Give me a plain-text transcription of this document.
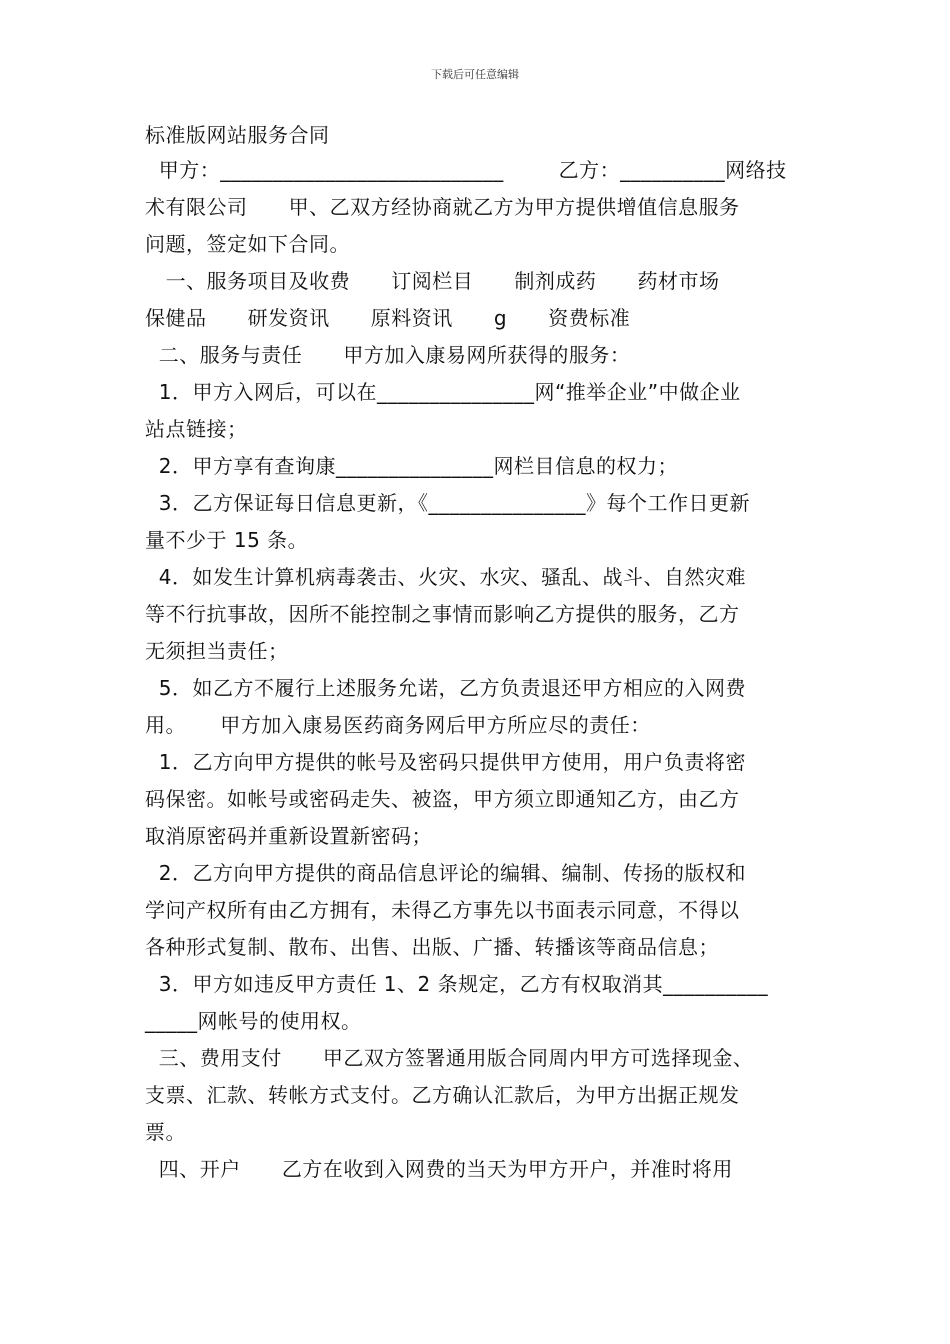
下载后可任意编辑
标准版网站服务合同
甲方：___________________________        乙方：__________网络技
术有限公司      甲、乙双方经协商就乙方为甲方提供增值信息服务
问题，签定如下合同。
一、服务项目及收费      订阅栏目      制剂成药      药材市场
保健品      研发资讯      原料资讯      g      资费标准
二、服务与责任      甲方加入康易网所获得的服务：
1．甲方入网后，可以在_______________网“推举企业”中做企业
站点链接；
2．甲方享有查询康_______________网栏目信息的权力；
3．乙方保证每日信息更新，《_______________》每个工作日更新
量不少于 15 条。
4．如发生计算机病毒袭击、火灾、水灾、骚乱、战斗、自然灾难
等不行抗事故，因所不能控制之事情而影响乙方提供的服务，乙方
无须担当责任；
5．如乙方不履行上述服务允诺，乙方负责退还甲方相应的入网费
用。     甲方加入康易医药商务网后甲方所应尽的责任：
1．乙方向甲方提供的帐号及密码只提供甲方使用，用户负责将密
码保密。如帐号或密码走失、被盗，甲方须立即通知乙方，由乙方
取消原密码并重新设置新密码；
2．乙方向甲方提供的商品信息评论的编辑、编制、传扬的版权和
学问产权所有由乙方拥有，未得乙方事先以书面表示同意，不得以
各种形式复制、散布、出售、出版、广播、转播该等商品信息；
3．甲方如违反甲方责任 1、2 条规定，乙方有权取消其__________
_____网帐号的使用权。
三、费用支付      甲乙双方签署通用版合同周内甲方可选择现金、
支票、汇款、转帐方式支付。乙方确认汇款后，为甲方出据正规发
票。
四、开户      乙方在收到入网费的当天为甲方开户，并准时将用
